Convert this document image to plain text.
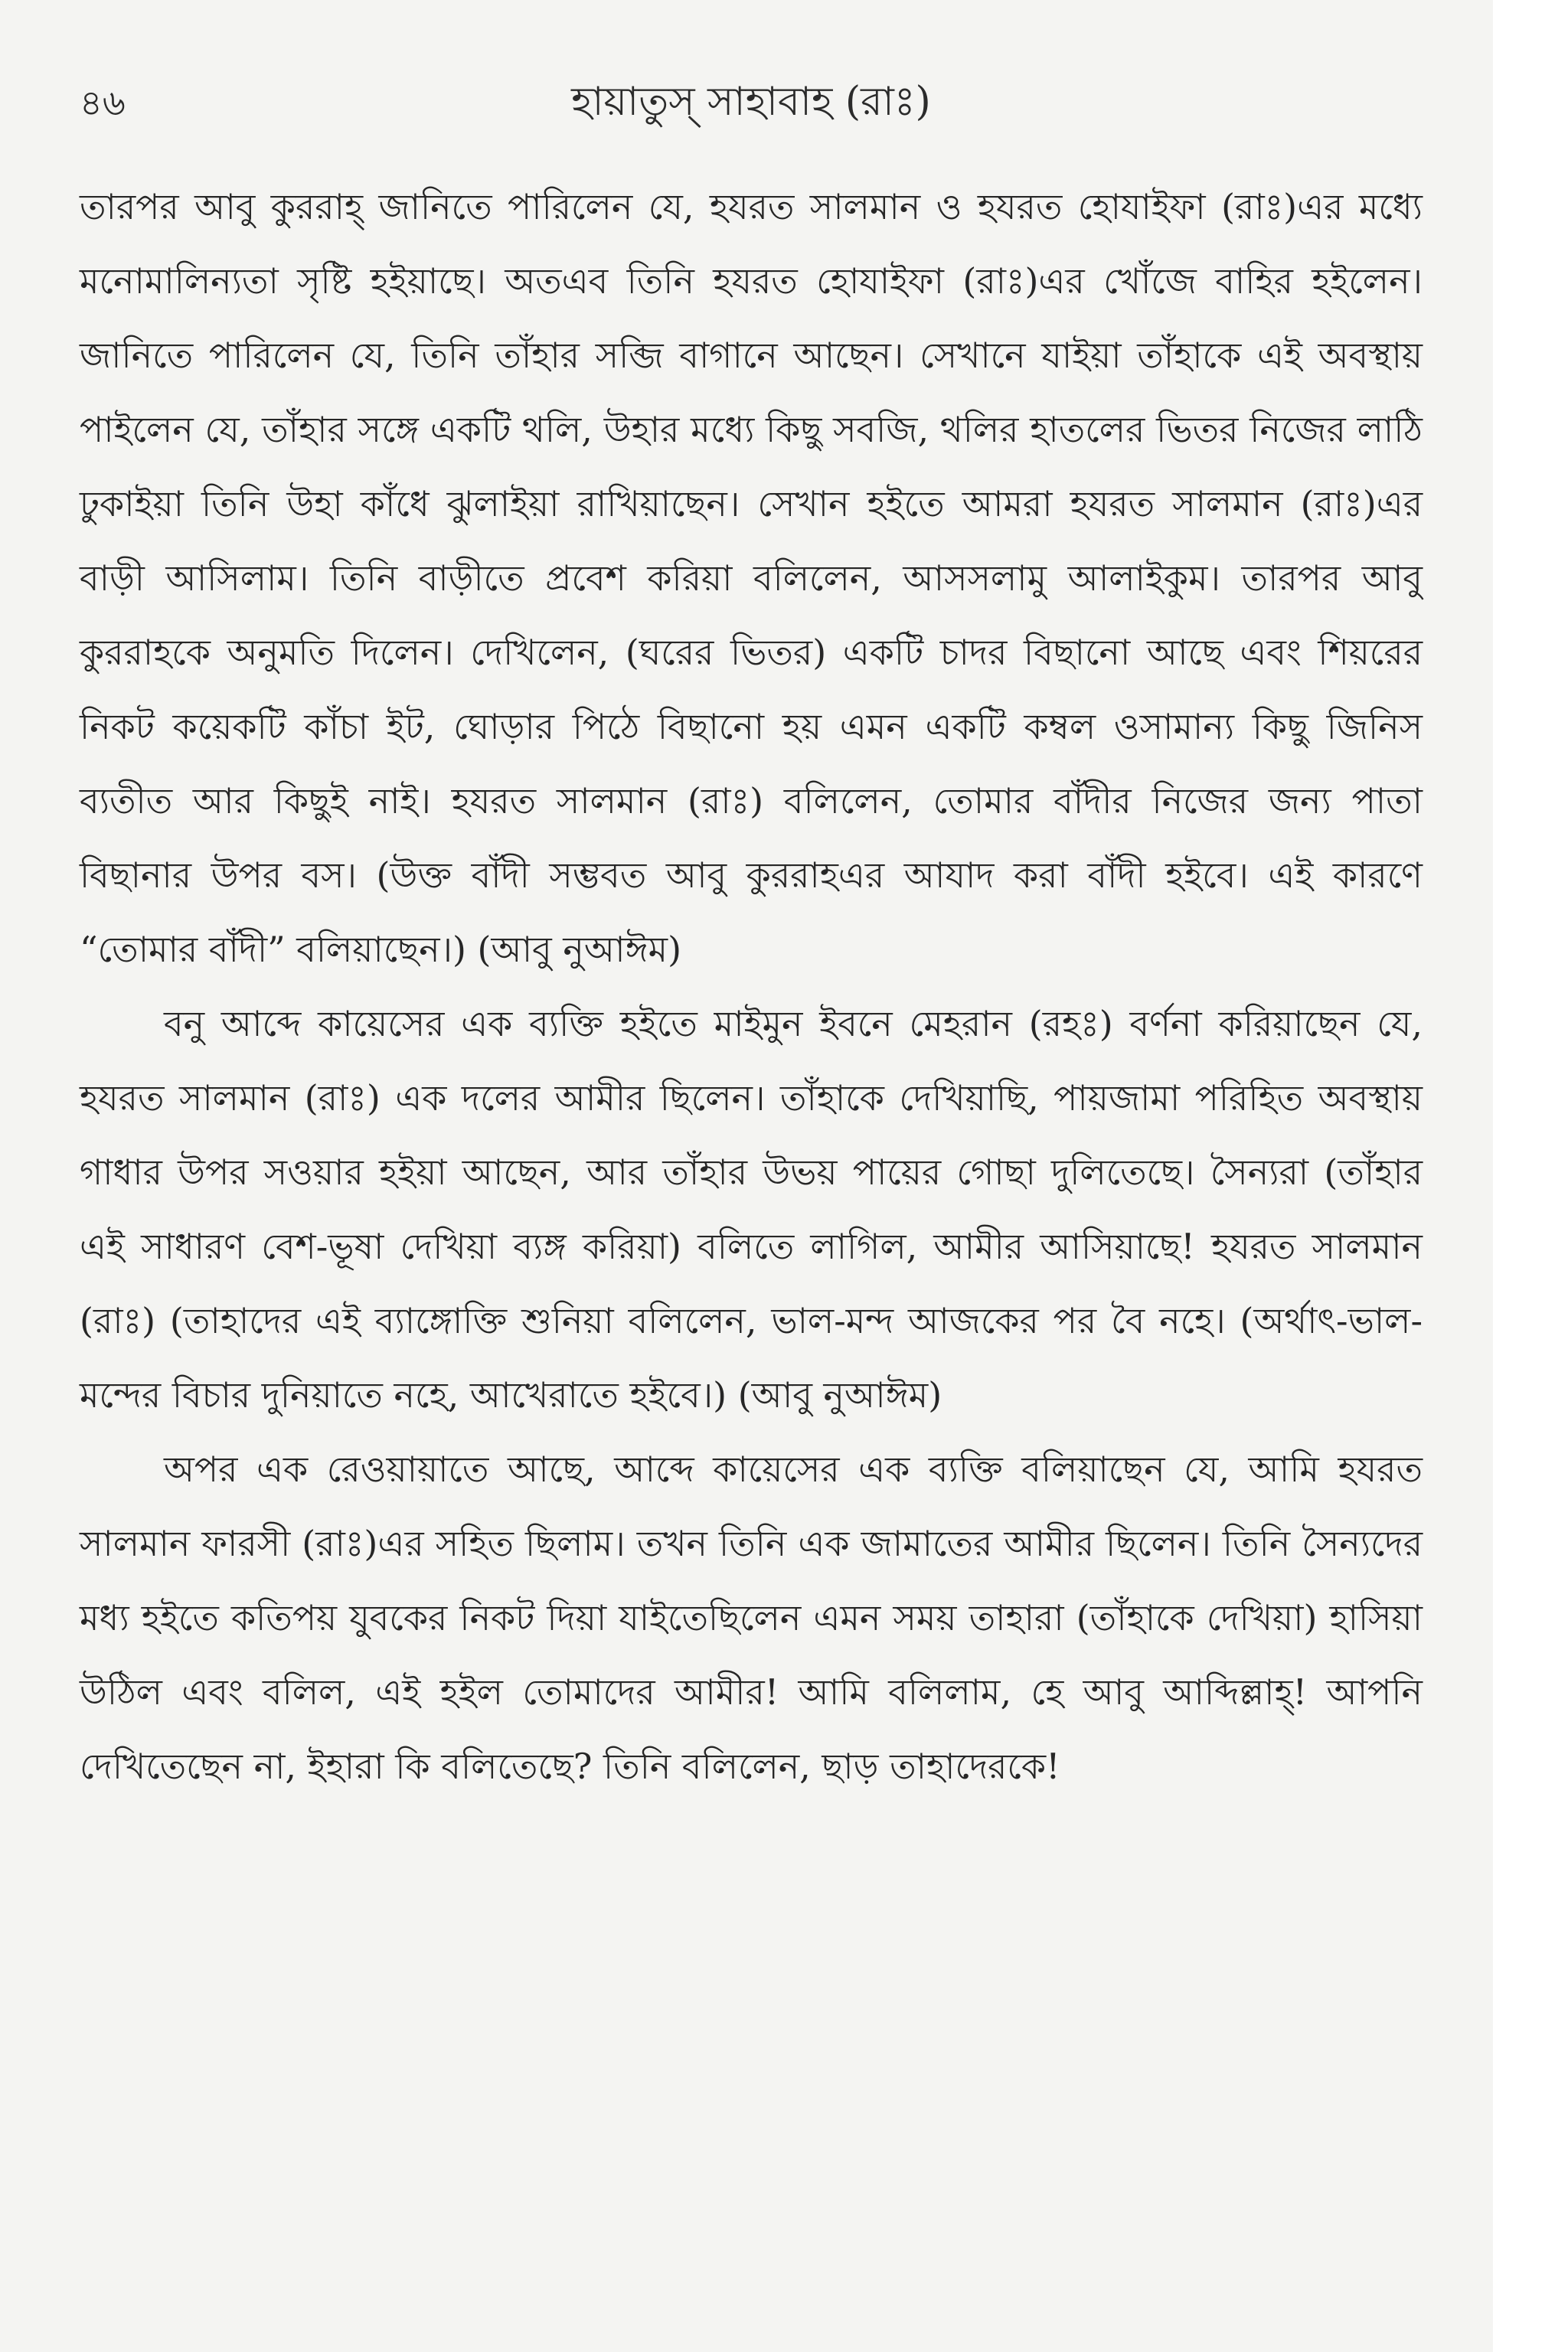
৪৬	হায়াতুস্ সাহাবাহ (রাঃ)

তারপর আবু কুররাহ্ জানিতে পারিলেন যে, হযরত সালমান ও হযরত হোযাইফা (রাঃ)এর মধ্যে মনোমালিন্যতা সৃষ্টি হইয়াছে। অতএব তিনি হযরত হোযাইফা (রাঃ)এর খোঁজে বাহির হইলেন। জানিতে পারিলেন যে, তিনি তাঁহার সব্জি বাগানে আছেন। সেখানে যাইয়া তাঁহাকে এই অবস্থায় পাইলেন যে, তাঁহার সঙ্গে একটি থলি, উহার মধ্যে কিছু সবজি, থলির হাতলের ভিতর নিজের লাঠি ঢুকাইয়া তিনি উহা কাঁধে ঝুলাইয়া রাখিয়াছেন। সেখান হইতে আমরা হযরত সালমান (রাঃ)এর বাড়ী আসিলাম। তিনি বাড়ীতে প্রবেশ করিয়া বলিলেন, আসসলামু আলাইকুম। তারপর আবু কুররাহকে অনুমতি দিলেন। দেখিলেন, (ঘরের ভিতর) একটি চাদর বিছানো আছে এবং শিয়রের নিকট কয়েকটি কাঁচা ইট, ঘোড়ার পিঠে বিছানো হয় এমন একটি কম্বল ওসামান্য কিছু জিনিস ব্যতীত আর কিছুই নাই। হযরত সালমান (রাঃ) বলিলেন, তোমার বাঁদীর নিজের জন্য পাতা বিছানার উপর বস। (উক্ত বাঁদী সম্ভবত আবু কুররাহএর আযাদ করা বাঁদী হইবে। এই কারণে “তোমার বাঁদী” বলিয়াছেন।) (আবু নুআঈম)

বনু আব্দে কায়েসের এক ব্যক্তি হইতে মাইমুন ইবনে মেহরান (রহঃ) বর্ণনা করিয়াছেন যে, হযরত সালমান (রাঃ) এক দলের আমীর ছিলেন। তাঁহাকে দেখিয়াছি, পায়জামা পরিহিত অবস্থায় গাধার উপর সওয়ার হইয়া আছেন, আর তাঁহার উভয় পায়ের গোছা দুলিতেছে। সৈন্যরা (তাঁহার এই সাধারণ বেশ-ভূষা দেখিয়া ব্যঙ্গ করিয়া) বলিতে লাগিল, আমীর আসিয়াছে! হযরত সালমান (রাঃ) (তাহাদের এই ব্যাঙ্গোক্তি শুনিয়া বলিলেন, ভাল-মন্দ আজকের পর বৈ নহে। (অর্থাৎ-ভাল-মন্দের বিচার দুনিয়াতে নহে, আখেরাতে হইবে।) (আবু নুআঈম)

অপর এক রেওয়ায়াতে আছে, আব্দে কায়েসের এক ব্যক্তি বলিয়াছেন যে, আমি হযরত সালমান ফারসী (রাঃ)এর সহিত ছিলাম। তখন তিনি এক জামাতের আমীর ছিলেন। তিনি সৈন্যদের মধ্য হইতে কতিপয় যুবকের নিকট দিয়া যাইতেছিলেন এমন সময় তাহারা (তাঁহাকে দেখিয়া) হাসিয়া উঠিল এবং বলিল, এই হইল তোমাদের আমীর! আমি বলিলাম, হে আবু আব্দিল্লাহ্! আপনি দেখিতেছেন না, ইহারা কি বলিতেছে? তিনি বলিলেন, ছাড় তাহাদেরকে!
